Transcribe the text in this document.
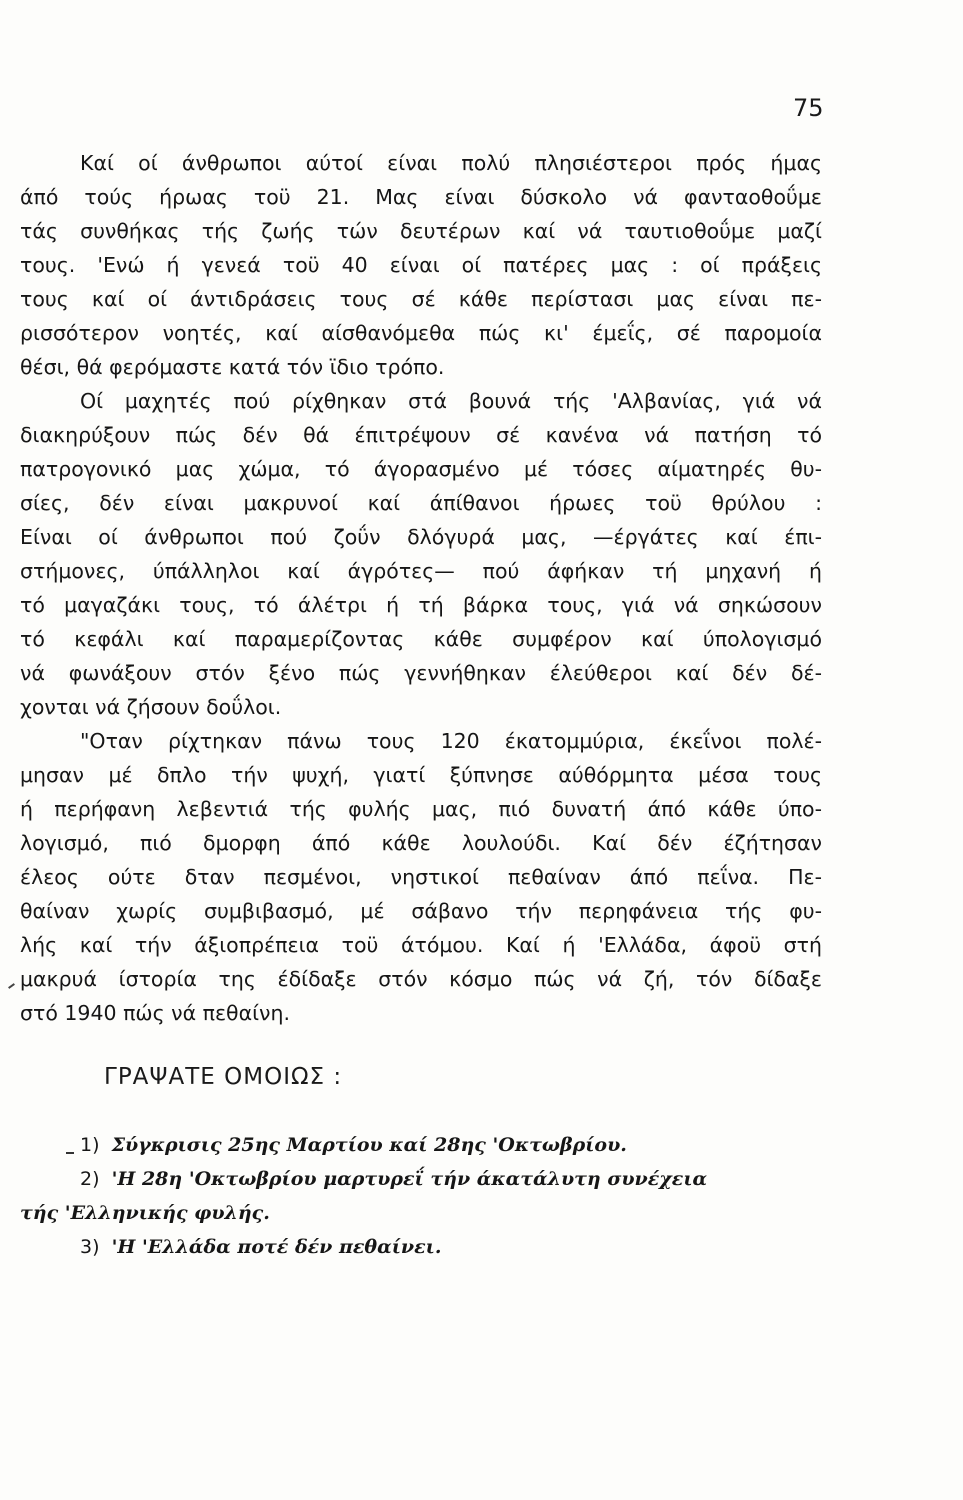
75
Καί οί άνθρωποι αύτοί είναι πολύ πλησιέστεροι πρός ήμας
άπό τούς ήρωας τοϋ 21. Μας είναι δύσκολο νά φανταοθοΰμε
τάς συνθήκας τής ζωής τών δευτέρων καί νά ταυτιοθοΰμε μαζί
τους. 'Ενώ ή γενεά τοϋ 40 είναι οί πατέρες μας : οί πράξεις
τους καί οί άντιδράσεις τους σέ κάθε περίστασι μας είναι πε-
ρισσότερον νοητές, καί αίσθανόμεθα πώς κι' έμεΐς, σέ παρομοία
θέσι, θά φερόμαστε κατά τόν ϊδιο τρόπο.
Οί μαχητές πού ρίχθηκαν στά βουνά τής 'Αλβανίας, γιά νά
διακηρύξουν πώς δέν θά έπιτρέψουν σέ κανένα νά πατήση τό
πατρογονικό μας χώμα, τό άγορασμένο μέ τόσες αίματηρές θυ-
σίες, δέν είναι μακρυνοί καί άπίθανοι ήρωες τοϋ θρύλου :
Είναι οί άνθρωποι πού ζοΰν δλόγυρά μας, —έργάτες καί έπι-
στήμονες, ύπάλληλοι καί άγρότες— πού άφήκαν τή μηχανή ή
τό μαγαζάκι τους, τό άλέτρι ή τή βάρκα τους, γιά νά σηκώσουν
τό κεφάλι καί παραμερίζοντας κάθε συμφέρον καί ύπολογισμό
νά φωνάξουν στόν ξένο πώς γεννήθηκαν έλεύθεροι καί δέν δέ-
χονται νά ζήσουν δοΰλοι.
"Οταν ρίχτηκαν πάνω τους 120 έκατομμύρια, έκεΐνοι πολέ-
μησαν μέ δπλο τήν ψυχή, γιατί ξύπνησε αύθόρμητα μέσα τους
ή περήφανη λεβεντιά τής φυλής μας, πιό δυνατή άπό κάθε ύπο-
λογισμό, πιό δμορφη άπό κάθε λουλούδι. Καί δέν έζήτησαν
έλεος ούτε δταν πεσμένοι, νηστικοί πεθαίναν άπό πεΐνα. Πε-
θαίναν χωρίς συμβιβασμό, μέ σάβανο τήν περηφάνεια τής φυ-
λής καί τήν άξιοπρέπεια τοϋ άτόμου. Καί ή 'Ελλάδα, άφοϋ στή
μακρυά ίστορία της έδίδαξε στόν κόσμο πώς νά ζή, τόν δίδαξε
στό 1940 πώς νά πεθαίνη.
ΓΡΑΨΑΤΕ ΟΜΟΙΩΣ :
1) Σύγκρισις 25ης Μαρτίου καί 28ης 'Οκτωβρίου.
2) 'Η 28η 'Οκτωβρίου μαρτυρεΐ τήν άκατάλυτη συνέχεια
τής 'Ελληνικής φυλής.
3) 'Η 'Ελλάδα ποτέ δέν πεθαίνει.
